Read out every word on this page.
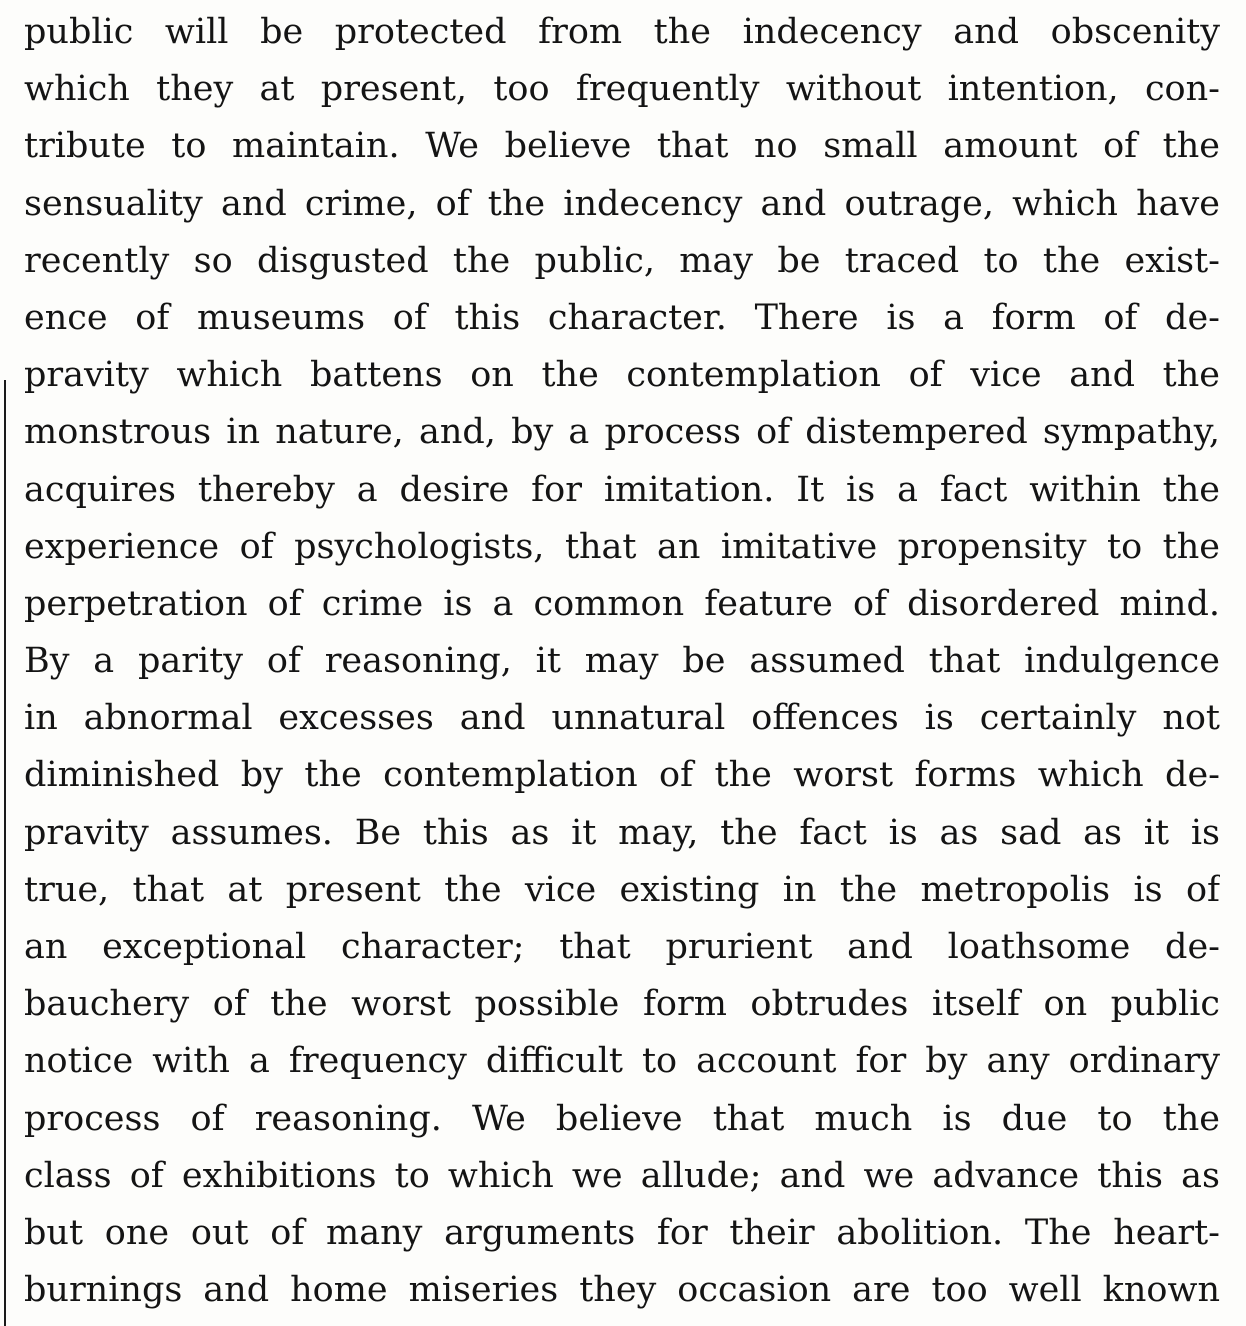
public will be protected from the indecency and obscenity
which they at present, too frequently without intention, con-
tribute to maintain. We believe that no small amount of the
sensuality and crime, of the indecency and outrage, which have
recently so disgusted the public, may be traced to the exist-
ence of museums of this character. There is a form of de-
pravity which battens on the contemplation of vice and the
monstrous in nature, and, by a process of distempered sympathy,
acquires thereby a desire for imitation. It is a fact within the
experience of psychologists, that an imitative propensity to the
perpetration of crime is a common feature of disordered mind.
By a parity of reasoning, it may be assumed that indulgence
in abnormal excesses and unnatural offences is certainly not
diminished by the contemplation of the worst forms which de-
pravity assumes. Be this as it may, the fact is as sad as it is
true, that at present the vice existing in the metropolis is of
an exceptional character; that prurient and loathsome de-
bauchery of the worst possible form obtrudes itself on public
notice with a frequency difficult to account for by any ordinary
process of reasoning. We believe that much is due to the
class of exhibitions to which we allude; and we advance this as
but one out of many arguments for their abolition. The heart-
burnings and home miseries they occasion are too well known
